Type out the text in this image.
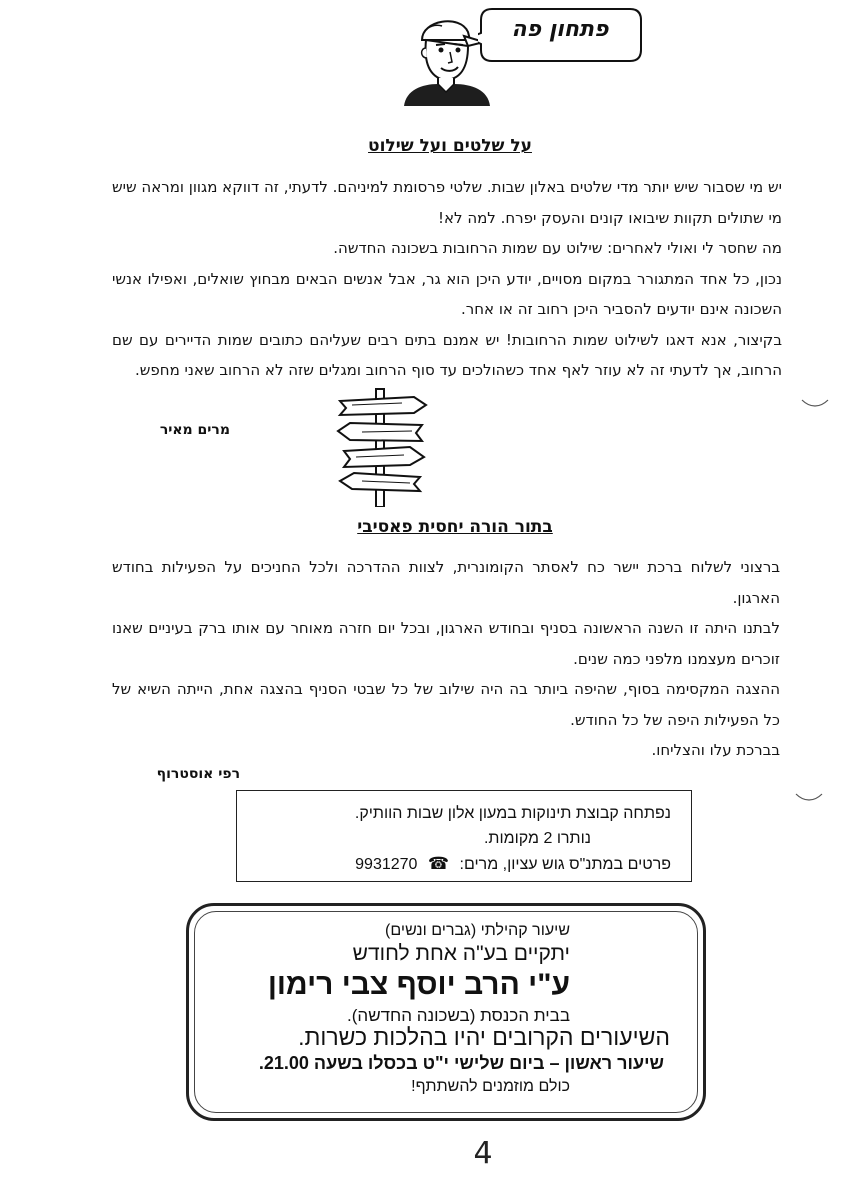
פתחון פה
על שלטים ועל שילוט

יש מי שסבור שיש יותר מדי שלטים באלון שבות. שלטי פרסומת למיניהם. לדעתי, זה דווקא מגוון ומראה שיש מי שתולים תקוות שיבואו קונים והעסק יפרח. למה לא!

מה שחסר לי ואולי לאחרים: שילוט עם שמות הרחובות בשכונה החדשה.

נכון, כל אחד המתגורר במקום מסויים, יודע היכן הוא גר, אבל אנשים הבאים מבחוץ שואלים, ואפילו אנשי השכונה אינם יודעים להסביר היכן רחוב זה או אחר.

בקיצור, אנא דאגו לשילוט שמות הרחובות! יש אמנם בתים רבים שעליהם כתובים שמות הדיירים עם שם הרחוב, אך לדעתי זה לא עוזר לאף אחד כשהולכים עד סוף הרחוב ומגלים שזה לא הרחוב שאני מחפש.

מרים מאיר
בתור הורה יחסית פאסיבי

ברצוני לשלוח ברכת יישר כח לאסתר הקומונרית, לצוות ההדרכה ולכל החניכים על הפעילות בחודש הארגון.

לבתנו היתה זו השנה הראשונה בסניף ובחודש הארגון, ובכל יום חזרה מאוחר עם אותו ברק בעיניים שאנו זוכרים מעצמנו מלפני כמה שנים.

ההצגה המקסימה בסוף, שהיפה ביותר בה היה שילוב של כל שבטי הסניף בהצגה אחת, הייתה השיא של כל הפעילות היפה של כל החודש.

בברכת עלו והצליחו.

רפי אוסטרוף
נפתחה קבוצת תינוקות במעון אלון שבות הוותיק.
נותרו 2 מקומות.
פרטים במתנ"ס גוש עציון, מרים: ☎ 9931270
שיעור קהילתי (גברים ונשים)
יתקיים בע"ה אחת לחודש
ע"י הרב יוסף צבי רימון
בבית הכנסת (בשכונה החדשה).
השיעורים הקרובים יהיו בהלכות כשרות.
שיעור ראשון – ביום שלישי י"ט בכסלו בשעה 21.00.
כולם מוזמנים להשתתף!
4
